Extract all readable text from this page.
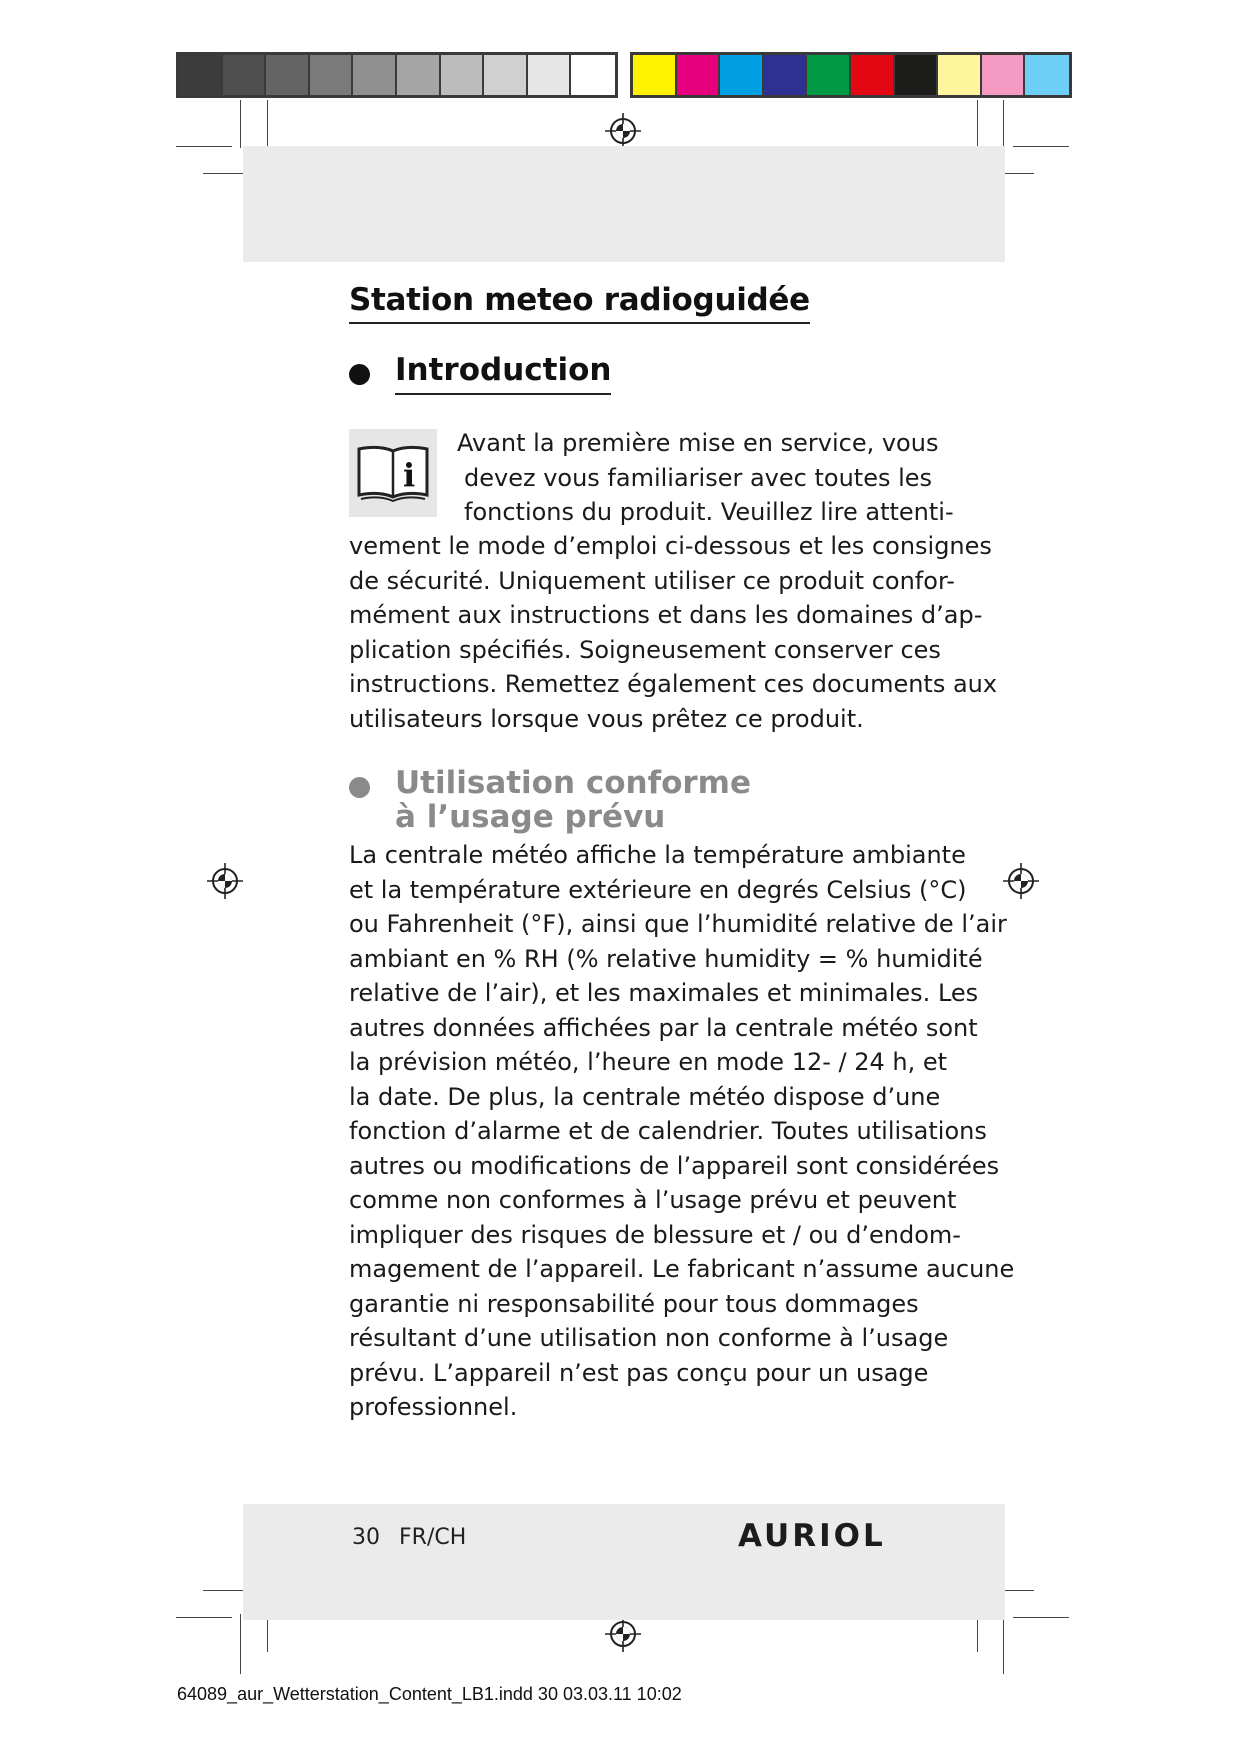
Station meteo radioguidée
Introduction
i
Avant la première mise en service, vous
devez vous familiariser avec toutes les
fonctions du produit. Veuillez lire attenti-
vement le mode d’emploi ci-dessous et les consignes
de sécurité. Uniquement utiliser ce produit confor-
mément aux instructions et dans les domaines d’ap-
plication spécifiés. Soigneusement conserver ces
instructions. Remettez également ces documents aux
utilisateurs lorsque vous prêtez ce produit.
Utilisation conforme
à l’usage prévu
La centrale météo affiche la température ambiante
et la température extérieure en degrés Celsius (°C)
ou Fahrenheit (°F), ainsi que l’humidité relative de l’air
ambiant en % RH (% relative humidity = % humidité
relative de l’air), et les maximales et minimales. Les
autres données affichées par la centrale météo sont
la prévision météo, l’heure en mode 12- / 24 h, et
la date. De plus, la centrale météo dispose d’une
fonction d’alarme et de calendrier. Toutes utilisations
autres ou modifications de l’appareil sont considérées
comme non conformes à l’usage prévu et peuvent
impliquer des risques de blessure et / ou d’endom-
magement de l’appareil. Le fabricant n’assume aucune
garantie ni responsabilité pour tous dommages
résultant d’une utilisation non conforme à l’usage
prévu. L’appareil n’est pas conçu pour un usage
professionnel.
30 FR/CH	AURIOL
64089_aur_Wetterstation_Content_LB1.indd 30 03.03.11 10:02
